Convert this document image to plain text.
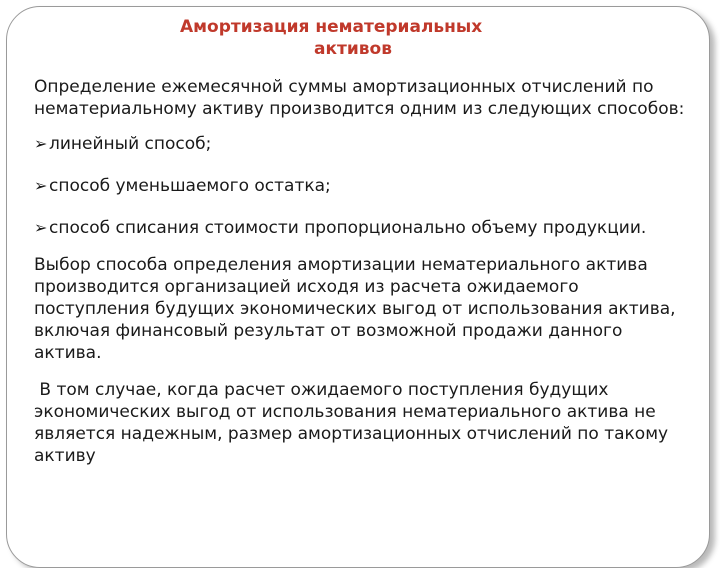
Амортизация нематериальных
активов

Определение ежемесячной суммы амортизационных отчислений по нематериальному активу производится одним из следующих способов:

➢ линейный способ;

➢ способ уменьшаемого остатка;

➢ способ списания стоимости пропорционально объему продукции.

Выбор способа определения амортизации нематериального актива производится организацией исходя из расчета ожидаемого поступления будущих экономических выгод от использования актива, включая финансовый результат от возможной продажи данного актива.

В том случае, когда расчет ожидаемого поступления будущих экономических выгод от использования нематериального актива не является надежным, размер амортизационных отчислений по такому активу
